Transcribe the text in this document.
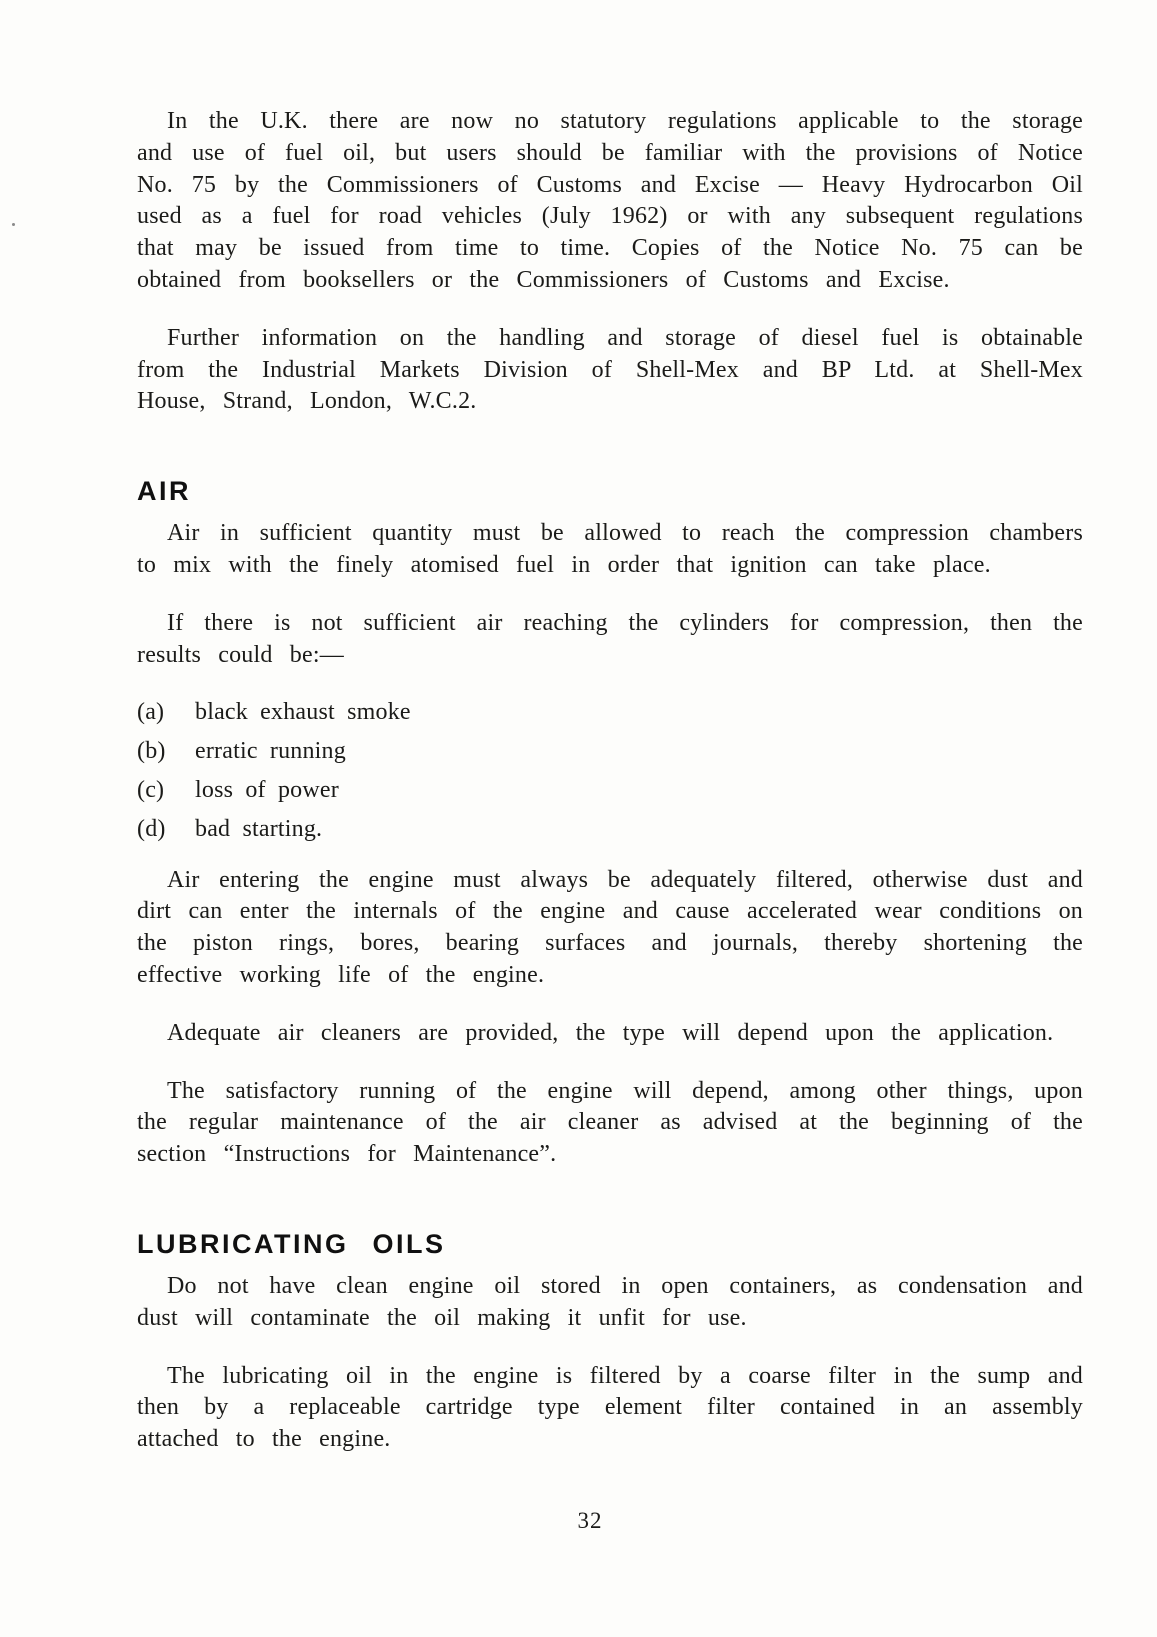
In the U.K. there are now no statutory regulations applicable to the storage and use of fuel oil, but users should be familiar with the provisions of Notice No. 75 by the Commissioners of Customs and Excise — Heavy Hydrocarbon Oil used as a fuel for road vehicles (July 1962) or with any subsequent regulations that may be issued from time to time. Copies of the Notice No. 75 can be obtained from booksellers or the Commissioners of Customs and Excise.

Further information on the handling and storage of diesel fuel is obtainable from the Industrial Markets Division of Shell-Mex and BP Ltd. at Shell-Mex House, Strand, London, W.C.2.

AIR

Air in sufficient quantity must be allowed to reach the compression chambers to mix with the finely atomised fuel in order that ignition can take place.

If there is not sufficient air reaching the cylinders for compression, then the results could be:—

(a)	black exhaust smoke
(b)	erratic running
(c)	loss of power
(d)	bad starting.

Air entering the engine must always be adequately filtered, otherwise dust and dirt can enter the internals of the engine and cause accelerated wear conditions on the piston rings, bores, bearing surfaces and journals, thereby shortening the effective working life of the engine.

Adequate air cleaners are provided, the type will depend upon the application.

The satisfactory running of the engine will depend, among other things, upon the regular maintenance of the air cleaner as advised at the beginning of the section “Instructions for Maintenance”.

LUBRICATING OILS

Do not have clean engine oil stored in open containers, as condensation and dust will contaminate the oil making it unfit for use.

The lubricating oil in the engine is filtered by a coarse filter in the sump and then by a replaceable cartridge type element filter contained in an assembly attached to the engine.

32
